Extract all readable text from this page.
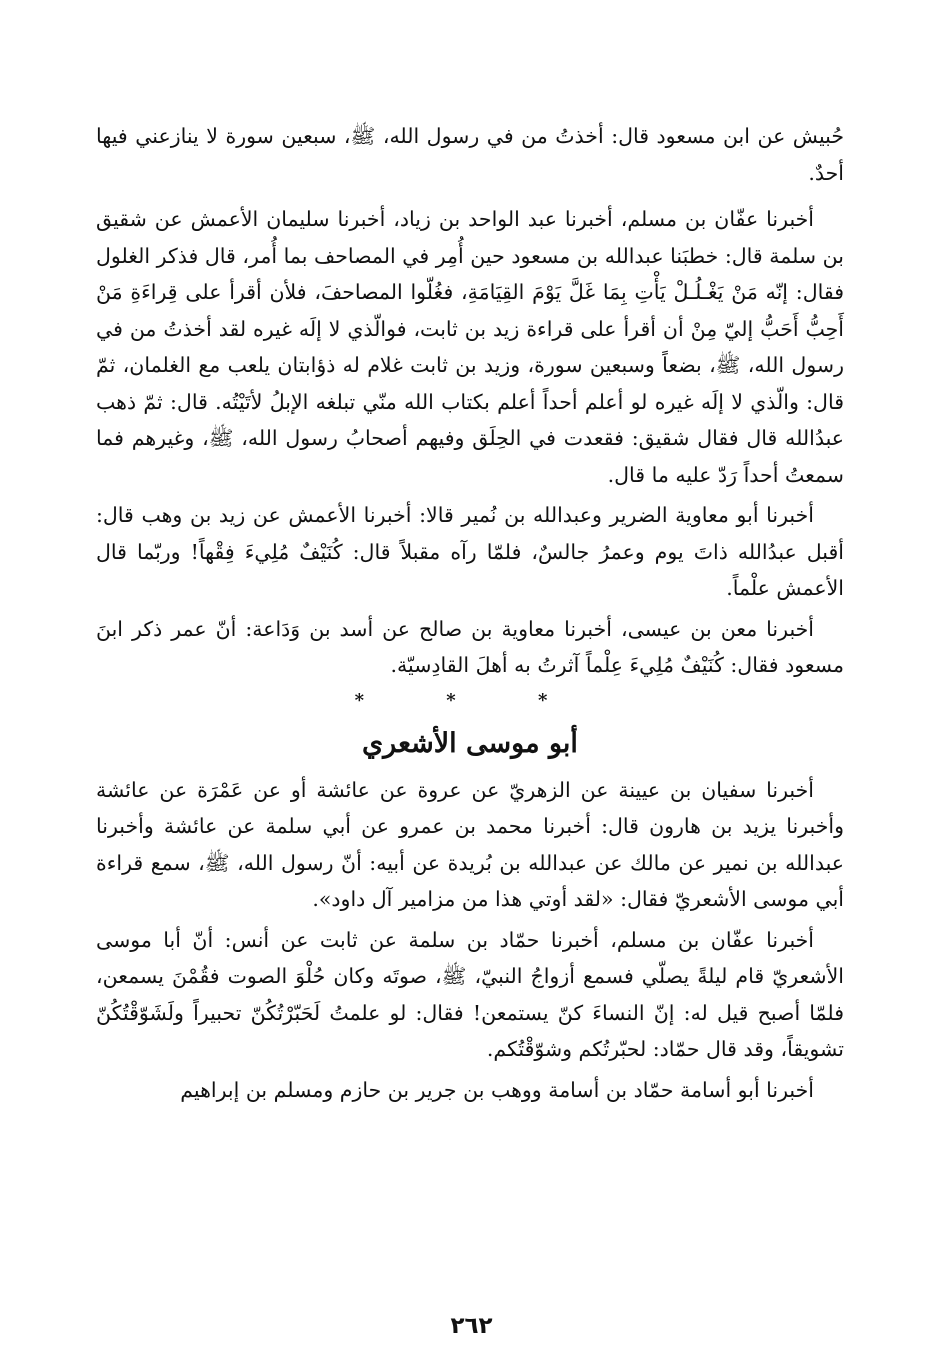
حُبيش عن ابن مسعود قال: أخذتُ من في رسول الله، ﷺ، سبعين سورة لا ينازعني فيها أحدٌ.

أخبرنا عفّان بن مسلم، أخبرنا عبد الواحد بن زياد، أخبرنا سليمان الأعمش عن شقيق بن سلمة قال: خطبَنا عبدالله بن مسعود حين أُمِر في المصاحف بما أُمر، قال فذكر الغلول فقال: إنّه مَنْ يَغْـلُـلْ يَأْتِ بِمَا غَلَّ يَوْمَ القِيَامَةِ، فغُلّوا المصاحفَ، فلأن أقرأ على قِراءَةِ مَنْ أَحِبُّ أَحَبُّ إليّ مِنْ أن أقرأ على قراءة زيد بن ثابت، فوالّذي لا إلَه غيره لقد أخذتُ من في رسول الله، ﷺ، بضعاً وسبعين سورة، وزيد بن ثابت غلام له ذؤابتان يلعب مع الغلمان، ثمّ قال: والّذي لا إلَه غيره لو أعلم أحداً أعلم بكتاب الله منّي تبلغه الإبلُ لأتَيْتُه. قال: ثمّ ذهب عبدُالله قال فقال شقيق: فقعدت في الحِلَق وفيهم أصحابُ رسول الله، ﷺ، وغيرهم فما سمعتُ أحداً رَدّ عليه ما قال.

أخبرنا أبو معاوية الضرير وعبدالله بن نُمير قالا: أخبرنا الأعمش عن زيد بن وهب قال: أقبل عبدُالله ذاتَ يوم وعمرُ جالسٌ، فلمّا رآه مقبلاً قال: كُنَيْفٌ مُلِيءَ فِقْهاً! وربّما قال الأعمش علْماً.

أخبرنا معن بن عيسى، أخبرنا معاوية بن صالح عن أسد بن وَدَاعة: أنّ عمر ذكر ابنَ مسعود فقال: كُنَيْفٌ مُلِيءَ عِلْماً آثرتُ به أهلَ القادِسيّة.

* * *
أبو موسى الأشعري

أخبرنا سفيان بن عيينة عن الزهريّ عن عروة عن عائشة أو عن عَمْرَة عن عائشة وأخبرنا يزيد بن هارون قال: أخبرنا محمد بن عمرو عن أبي سلمة عن عائشة وأخبرنا عبدالله بن نمير عن مالك عن عبدالله بن بُريدة عن أبيه: أنّ رسول الله، ﷺ، سمع قراءة أبي موسى الأشعريّ فقال: «لقد أوتي هذا من مزامير آل داود».

أخبرنا عفّان بن مسلم، أخبرنا حمّاد بن سلمة عن ثابت عن أنس: أنّ أبا موسى الأشعريّ قام ليلةً يصلّي فسمع أزواجُ النبيّ، ﷺ، صوتَه وكان حُلْوَ الصوت فقُمْنَ يسمعن، فلمّا أصبح قيل له: إنّ النساءَ كنّ يستمعن! فقال: لو علمتُ لَحَبّرْتُكُنّ تحبيراً ولَشَوّقْتُكُنّ تشويقاً، وقد قال حمّاد: لحبّرتُكم وشوّقْتُكم.

أخبرنا أبو أسامة حمّاد بن أسامة ووهب بن جرير بن حازم ومسلم بن إبراهيم

٢٦٢
